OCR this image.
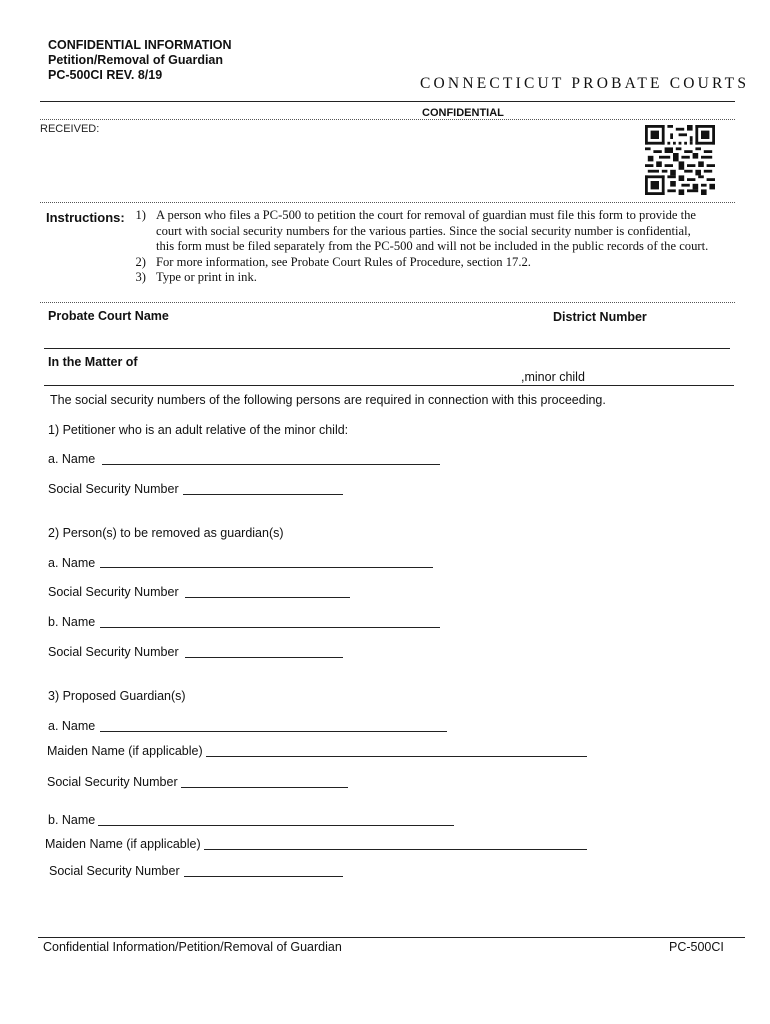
CONFIDENTIAL INFORMATION
Petition/Removal of Guardian
PC-500CI REV. 8/19	CONNECTICUT PROBATE COURTS
CONFIDENTIAL
RECEIVED:
Instructions: 1) A person who files a PC-500 to petition the court for removal of guardian must file this form to provide the court with social security numbers for the various parties. Since the social security number is confidential, this form must be filed separately from the PC-500 and will not be included in the public records of the court.
2) For more information, see Probate Court Rules of Procedure, section 17.2.
3) Type or print in ink.
Probate Court Name	District Number
In the Matter of
,minor child
The social security numbers of the following persons are required in connection with this proceeding.
1) Petitioner who is an adult relative of the minor child:
a. Name
Social Security Number
2) Person(s) to be removed as guardian(s)
a. Name
Social Security Number
b. Name
Social Security Number
3) Proposed Guardian(s)
a. Name
Maiden Name (if applicable)
Social Security Number
b. Name
Maiden Name (if applicable)
Social Security Number
Confidential Information/Petition/Removal of Guardian	PC-500CI
